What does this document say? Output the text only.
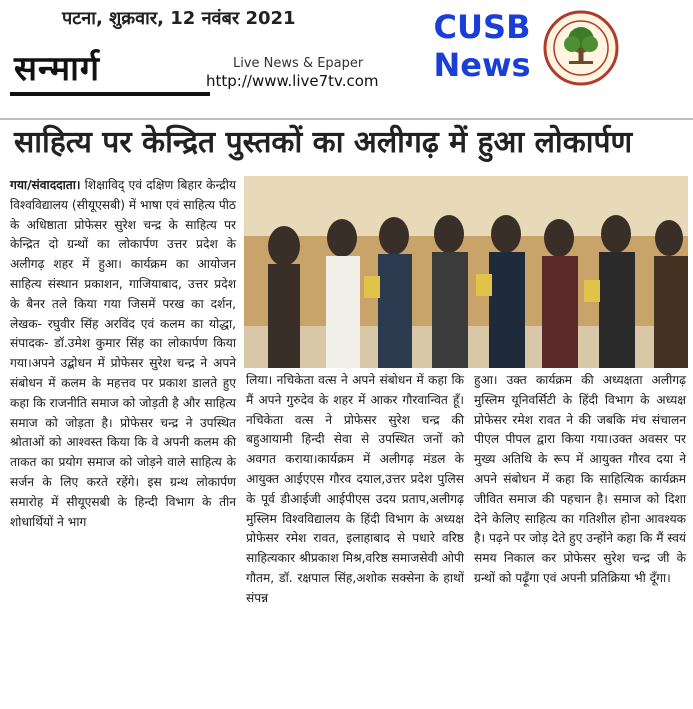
पटना, शुक्रवार, 12 नवंबर 2021
सन्मार्ग	Live News & Epaper
http://www.live7tv.com
CUSB
News
साहित्य पर केन्द्रित पुस्तकों का अलीगढ़ में हुआ लोकार्पण

गया/संवाददाता। शिक्षाविद् एवं दक्षिण बिहार केन्द्रीय विश्वविद्यालय (सीयूएसबी) में भाषा एवं साहित्य पीठ के अधिष्ठाता प्रोफेसर सुरेश चन्द्र के साहित्य पर केन्द्रित दो ग्रन्थों का लोकार्पण उत्तर प्रदेश के अलीगढ़ शहर में हुआ। कार्यक्रम का आयोजन साहित्य संस्थान प्रकाशन, गाजियाबाद, उत्तर प्रदेश के बैनर तले किया गया जिसमें परख का दर्शन, लेखक- रघुवीर सिंह अरविंद एवं कलम का योद्धा, संपादक- डॉ.उमेश कुमार सिंह का लोकार्पण किया गया।अपने उद्बोधन में प्रोफेसर सुरेश चन्द्र ने अपने संबोधन में कलम के महत्तव पर प्रकाश डालते हुए कहा कि राजनीति समाज को जोड़ती है और साहित्य समाज को जोड़ता है। प्रोफेसर चन्द्र ने उपस्थित श्रोताओं को आश्वस्त किया कि वे अपनी कलम की ताकत का प्रयोग समाज को जोड़ने वाले साहित्य के सर्जन के लिए करते रहेंगे। इस ग्रन्थ लोकार्पण समारोह में सीयूएसबी के हिन्दी विभाग के तीन शोधार्थियों ने भाग

लिया। नचिकेता वत्स ने अपने संबोधन में कहा कि मैं अपने गुरुदेव के शहर में आकर गौरवान्वित हूँ। नचिकेता वत्स ने प्रोफेसर सुरेश चन्द्र की बहुआयामी हिन्दी सेवा से उपस्थित जनों को अवगत कराया।कार्यक्रम में अलीगढ़ मंडल के आयुक्त आईएएस गौरव दयाल,उत्तर प्रदेश पुलिस के पूर्व डीआईजी आईपीएस उदय प्रताप,अलीगढ़ मुस्लिम विश्वविद्यालय के हिंदी विभाग के अध्यक्ष प्रोफेसर रमेश रावत, इलाहाबाद से पधारे वरिष्ठ साहित्यकार श्रीप्रकाश मिश्र,वरिष्ठ समाजसेवी ओपी गौतम, डॉ. रक्षपाल सिंह,अशोक सक्सेना के हाथों संपन्न

हुआ। उक्त कार्यक्रम की अध्यक्षता अलीगढ़ मुस्लिम यूनिवर्सिटी के हिंदी विभाग के अध्यक्ष प्रोफेसर रमेश रावत ने की जबकि मंच संचालन पीएल पीपल द्वारा किया गया।उक्त अवसर पर मुख्य अतिथि के रूप में आयुक्त गौरव दया ने अपने संबोधन में कहा कि साहित्यिक कार्यक्रम जीवित समाज की पहचान है। समाज को दिशा देने केलिए साहित्य का गतिशील होना आवश्यक है। पढ़ने पर जोड़ देते हुए उन्होंने कहा कि मैं स्वयं समय निकाल कर प्रोफेसर सुरेश चन्द्र जी के ग्रन्थों को पढ़ूँगा एवं अपनी प्रतिक्रिया भी दूँगा।
